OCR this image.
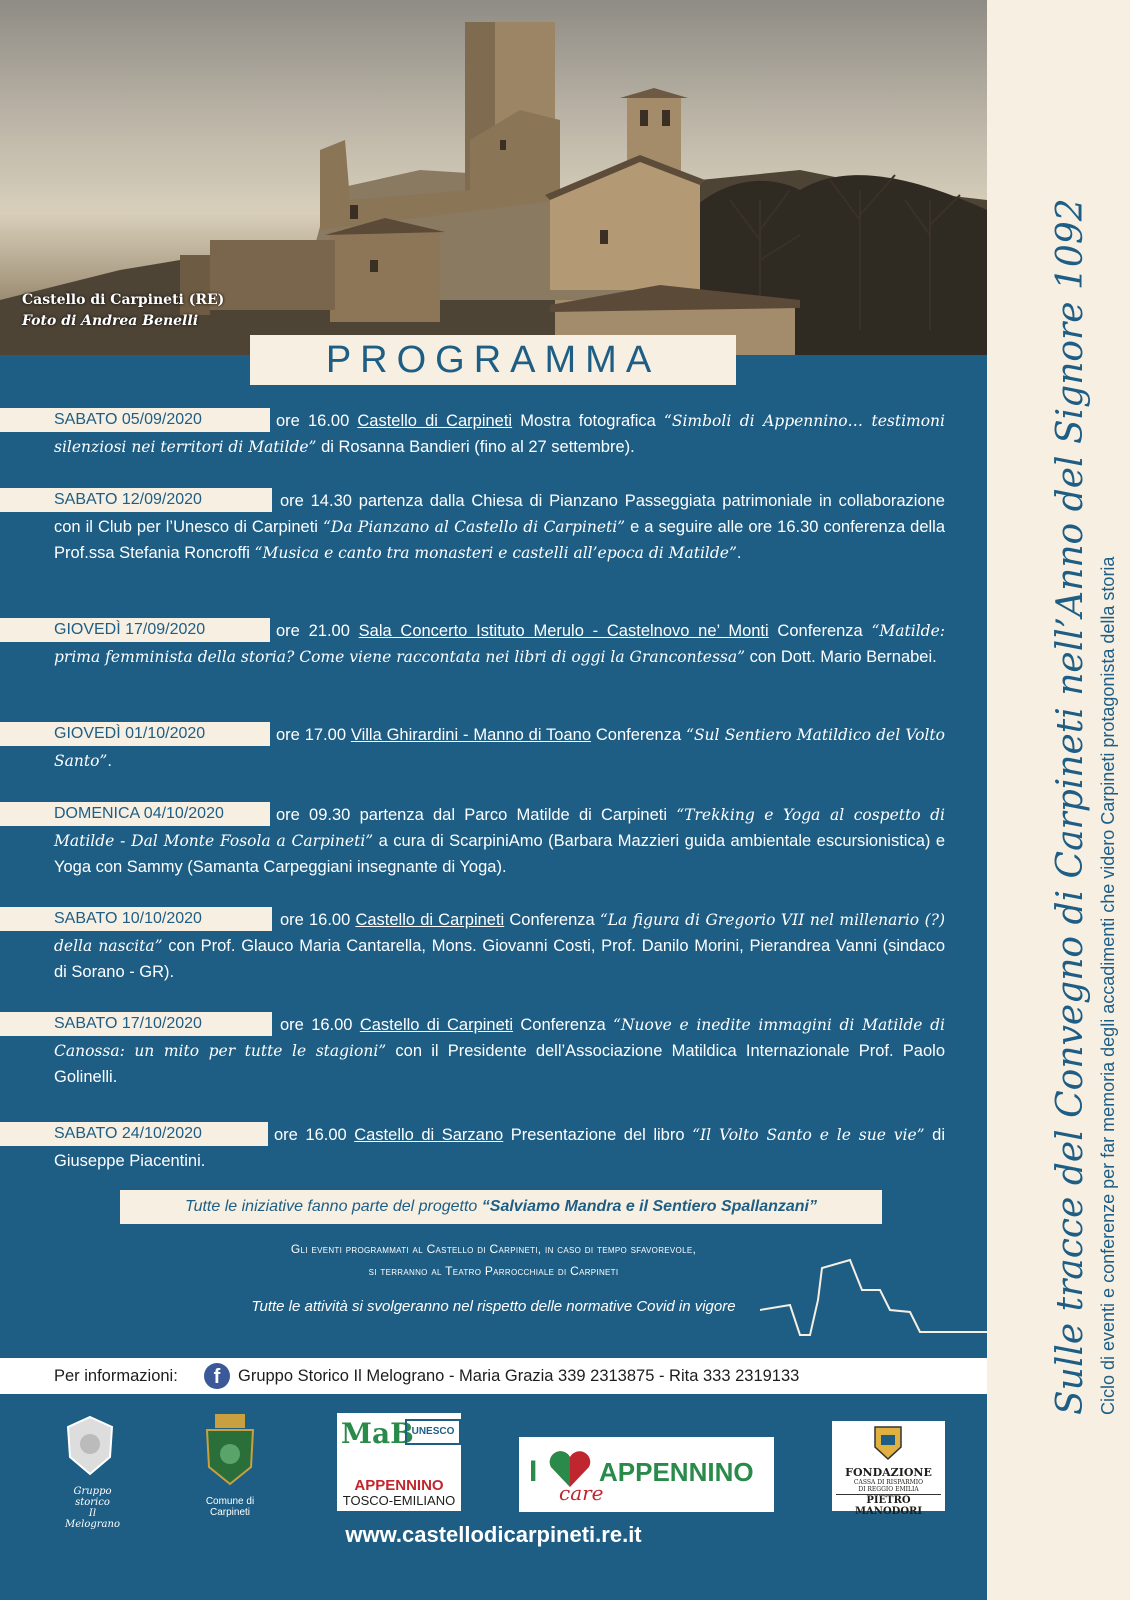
Castello di Carpineti (RE)
Foto di Andrea Benelli	Sulle tracce del Convegno di Carpineti nell’Anno del Signore 1092 Ciclo di eventi e conferenze per far memoria degli accadimenti che videro Carpineti protagonista della storia
PROGRAMMA
SABATO 05/09/2020	ore 16.00 Castello di Carpineti Mostra fotografica “Simboli di Appennino… testimoni silenziosi nei territori di Matilde” di Rosanna Bandieri (fino al 27 settembre).
SABATO 12/09/2020	ore 14.30 partenza dalla Chiesa di Pianzano Passeggiata patrimoniale in collaborazione con il Club per l’Unesco di Carpineti “Da Pianzano al Castello di Carpineti” e a seguire alle ore 16.30 conferenza della Prof.ssa Stefania Roncroffi “Musica e canto tra monasteri e castelli all’epoca di Matilde”.
GIOVEDÌ 17/09/2020	ore 21.00 Sala Concerto Istituto Merulo - Castelnovo ne’ Monti Conferenza “Matilde: prima femminista della storia? Come viene raccontata nei libri di oggi la Grancontessa” con Dott. Mario Bernabei.
GIOVEDÌ 01/10/2020	ore 17.00 Villa Ghirardini - Manno di Toano Conferenza “Sul Sentiero Matildico del Volto Santo”.
DOMENICA 04/10/2020	ore 09.30 partenza dal Parco Matilde di Carpineti “Trekking e Yoga al cospetto di Matilde - Dal Monte Fosola a Carpineti” a cura di ScarpiniAmo (Barbara Mazzieri guida ambientale escursionistica) e Yoga con Sammy (Samanta Carpeggiani insegnante di Yoga).
SABATO 10/10/2020	ore 16.00 Castello di Carpineti Conferenza “La figura di Gregorio VII nel millenario (?) della nascita” con Prof. Glauco Maria Cantarella, Mons. Giovanni Costi, Prof. Danilo Morini, Pierandrea Vanni (sindaco di Sorano - GR).
SABATO 17/10/2020	ore 16.00 Castello di Carpineti Conferenza “Nuove e inedite immagini di Matilde di Canossa: un mito per tutte le stagioni” con il Presidente dell’Associazione Matildica Internazionale Prof. Paolo Golinelli.
SABATO 24/10/2020	ore 16.00 Castello di Sarzano Presentazione del libro “Il Volto Santo e le sue vie” di Giuseppe Piacentini.
Tutte le iniziative fanno parte del progetto “Salviamo Mandra e il Sentiero Spallanzani”
Gli eventi programmati al Castello di Carpineti, in caso di tempo sfavorevole,
si terranno al Teatro Parrocchiale di Carpineti
Tutte le attività si svolgeranno nel rispetto delle normative Covid in vigore
Per informazioni:	f	Gruppo Storico Il Melograno - Maria Grazia 339 2313875 - Rita 333 2319133
Gruppo storico
Il Melograno
Comune di Carpineti
MaB
UNESCO
APPENNINO
TOSCO-EMILIANO
I
care
APPENNINO	FONDAZIONE
CASSA DI RISPARMIO
DI REGGIO EMILIA
PIETRO MANODORI
www.castellodicarpineti.re.it
